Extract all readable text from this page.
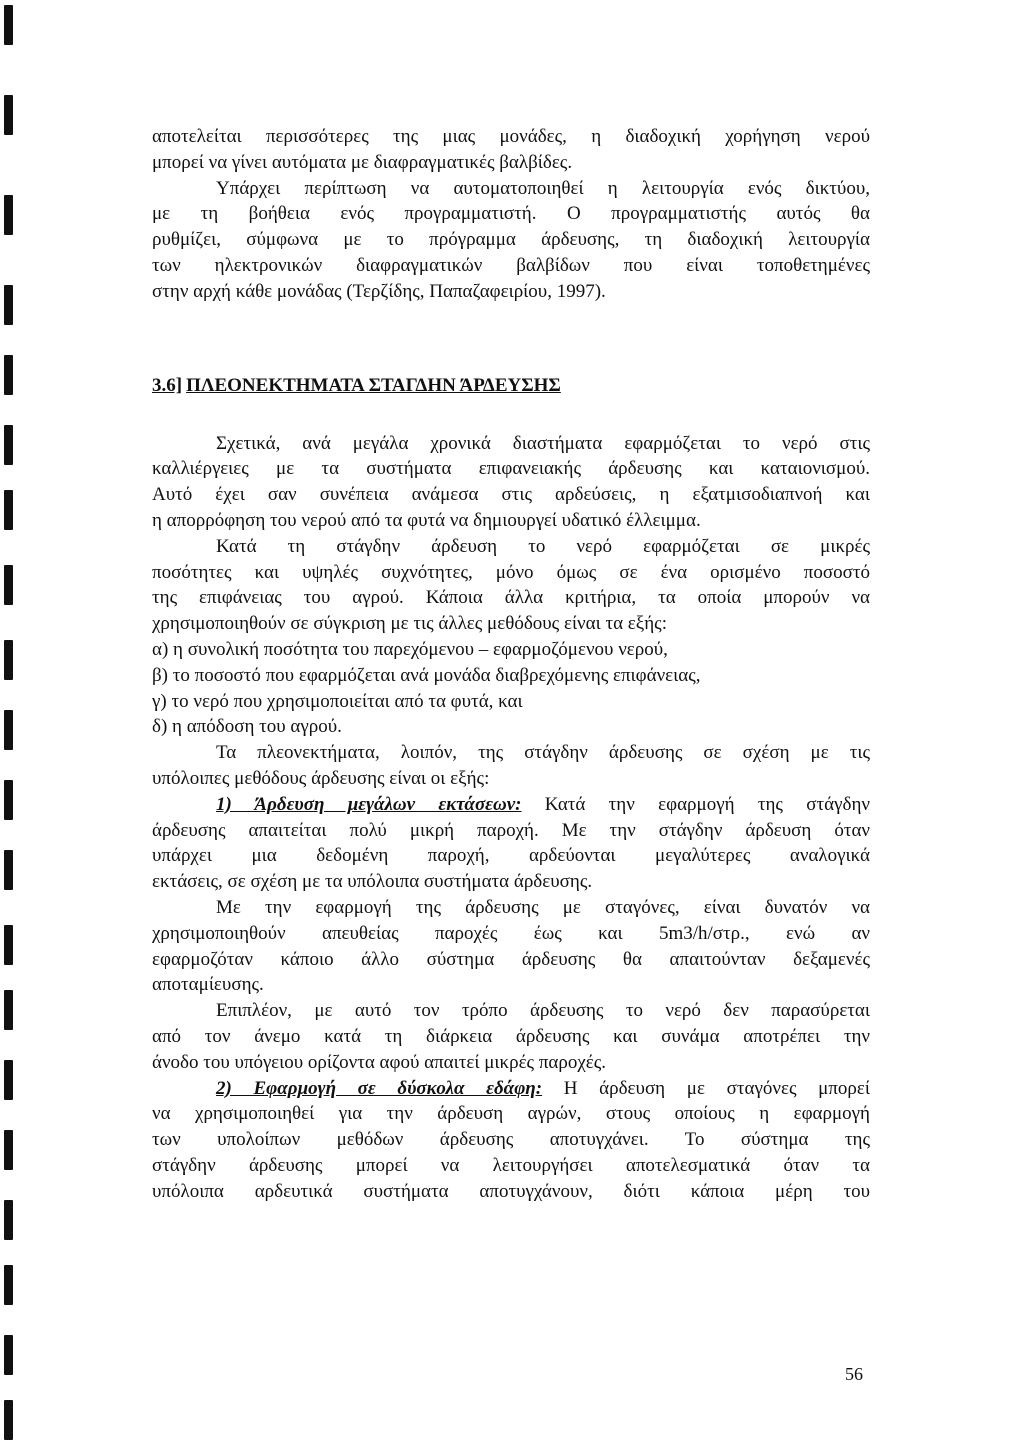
αποτελείται περισσότερες της μιας μονάδες, η διαδοχική χορήγηση νερού
μπορεί να γίνει αυτόματα με διαφραγματικές βαλβίδες.
Υπάρχει περίπτωση να αυτοματοποιηθεί η λειτουργία ενός δικτύου,
με τη βοήθεια ενός προγραμματιστή. Ο προγραμματιστής αυτός θα
ρυθμίζει, σύμφωνα με το πρόγραμμα άρδευσης, τη διαδοχική λειτουργία
των ηλεκτρονικών διαφραγματικών βαλβίδων που είναι τοποθετημένες
στην αρχή κάθε μονάδας (Τερζίδης, Παπαζαφειρίου, 1997).
3.6] ΠΛΕΟΝΕΚΤΗΜΑΤΑ ΣΤΑΓΔΗΝ ΆΡΔΕΥΣΗΣ
Σχετικά, ανά μεγάλα χρονικά διαστήματα εφαρμόζεται το νερό στις
καλλιέργειες με τα συστήματα επιφανειακής άρδευσης και καταιονισμού.
Αυτό έχει σαν συνέπεια ανάμεσα στις αρδεύσεις, η εξατμισοδιαπνοή και
η απορρόφηση του νερού από τα φυτά να δημιουργεί υδατικό έλλειμμα.
Κατά τη στάγδην άρδευση το νερό εφαρμόζεται σε μικρές
ποσότητες και υψηλές συχνότητες, μόνο όμως σε ένα ορισμένο ποσοστό
της επιφάνειας του αγρού. Κάποια άλλα κριτήρια, τα οποία μπορούν να
χρησιμοποιηθούν σε σύγκριση με τις άλλες μεθόδους είναι τα εξής:
α) η συνολική ποσότητα του παρεχόμενου – εφαρμοζόμενου νερού,
β) το ποσοστό που εφαρμόζεται ανά μονάδα διαβρεχόμενης επιφάνειας,
γ) το νερό που χρησιμοποιείται από τα φυτά, και
δ) η απόδοση του αγρού.
Τα πλεονεκτήματα, λοιπόν, της στάγδην άρδευσης σε σχέση με τις
υπόλοιπες μεθόδους άρδευσης είναι οι εξής:
1) Άρδευση μεγάλων εκτάσεων: Κατά την εφαρμογή της στάγδην
άρδευσης απαιτείται πολύ μικρή παροχή. Με την στάγδην άρδευση όταν
υπάρχει μια δεδομένη παροχή, αρδεύονται μεγαλύτερες αναλογικά
εκτάσεις, σε σχέση με τα υπόλοιπα συστήματα άρδευσης.
Με την εφαρμογή της άρδευσης με σταγόνες, είναι δυνατόν να
χρησιμοποιηθούν απευθείας παροχές έως και 5m3/h/στρ., ενώ αν
εφαρμοζόταν κάποιο άλλο σύστημα άρδευσης θα απαιτούνταν δεξαμενές
αποταμίευσης.
Επιπλέον, με αυτό τον τρόπο άρδευσης το νερό δεν παρασύρεται
από τον άνεμο κατά τη διάρκεια άρδευσης και συνάμα αποτρέπει την
άνοδο του υπόγειου ορίζοντα αφού απαιτεί μικρές παροχές.
2) Εφαρμογή σε δύσκολα εδάφη: Η άρδευση με σταγόνες μπορεί
να χρησιμοποιηθεί για την άρδευση αγρών, στους οποίους η εφαρμογή
των υπολοίπων μεθόδων άρδευσης αποτυγχάνει. Το σύστημα της
στάγδην άρδευσης μπορεί να λειτουργήσει αποτελεσματικά όταν τα
υπόλοιπα αρδευτικά συστήματα αποτυγχάνουν, διότι κάποια μέρη του
56
